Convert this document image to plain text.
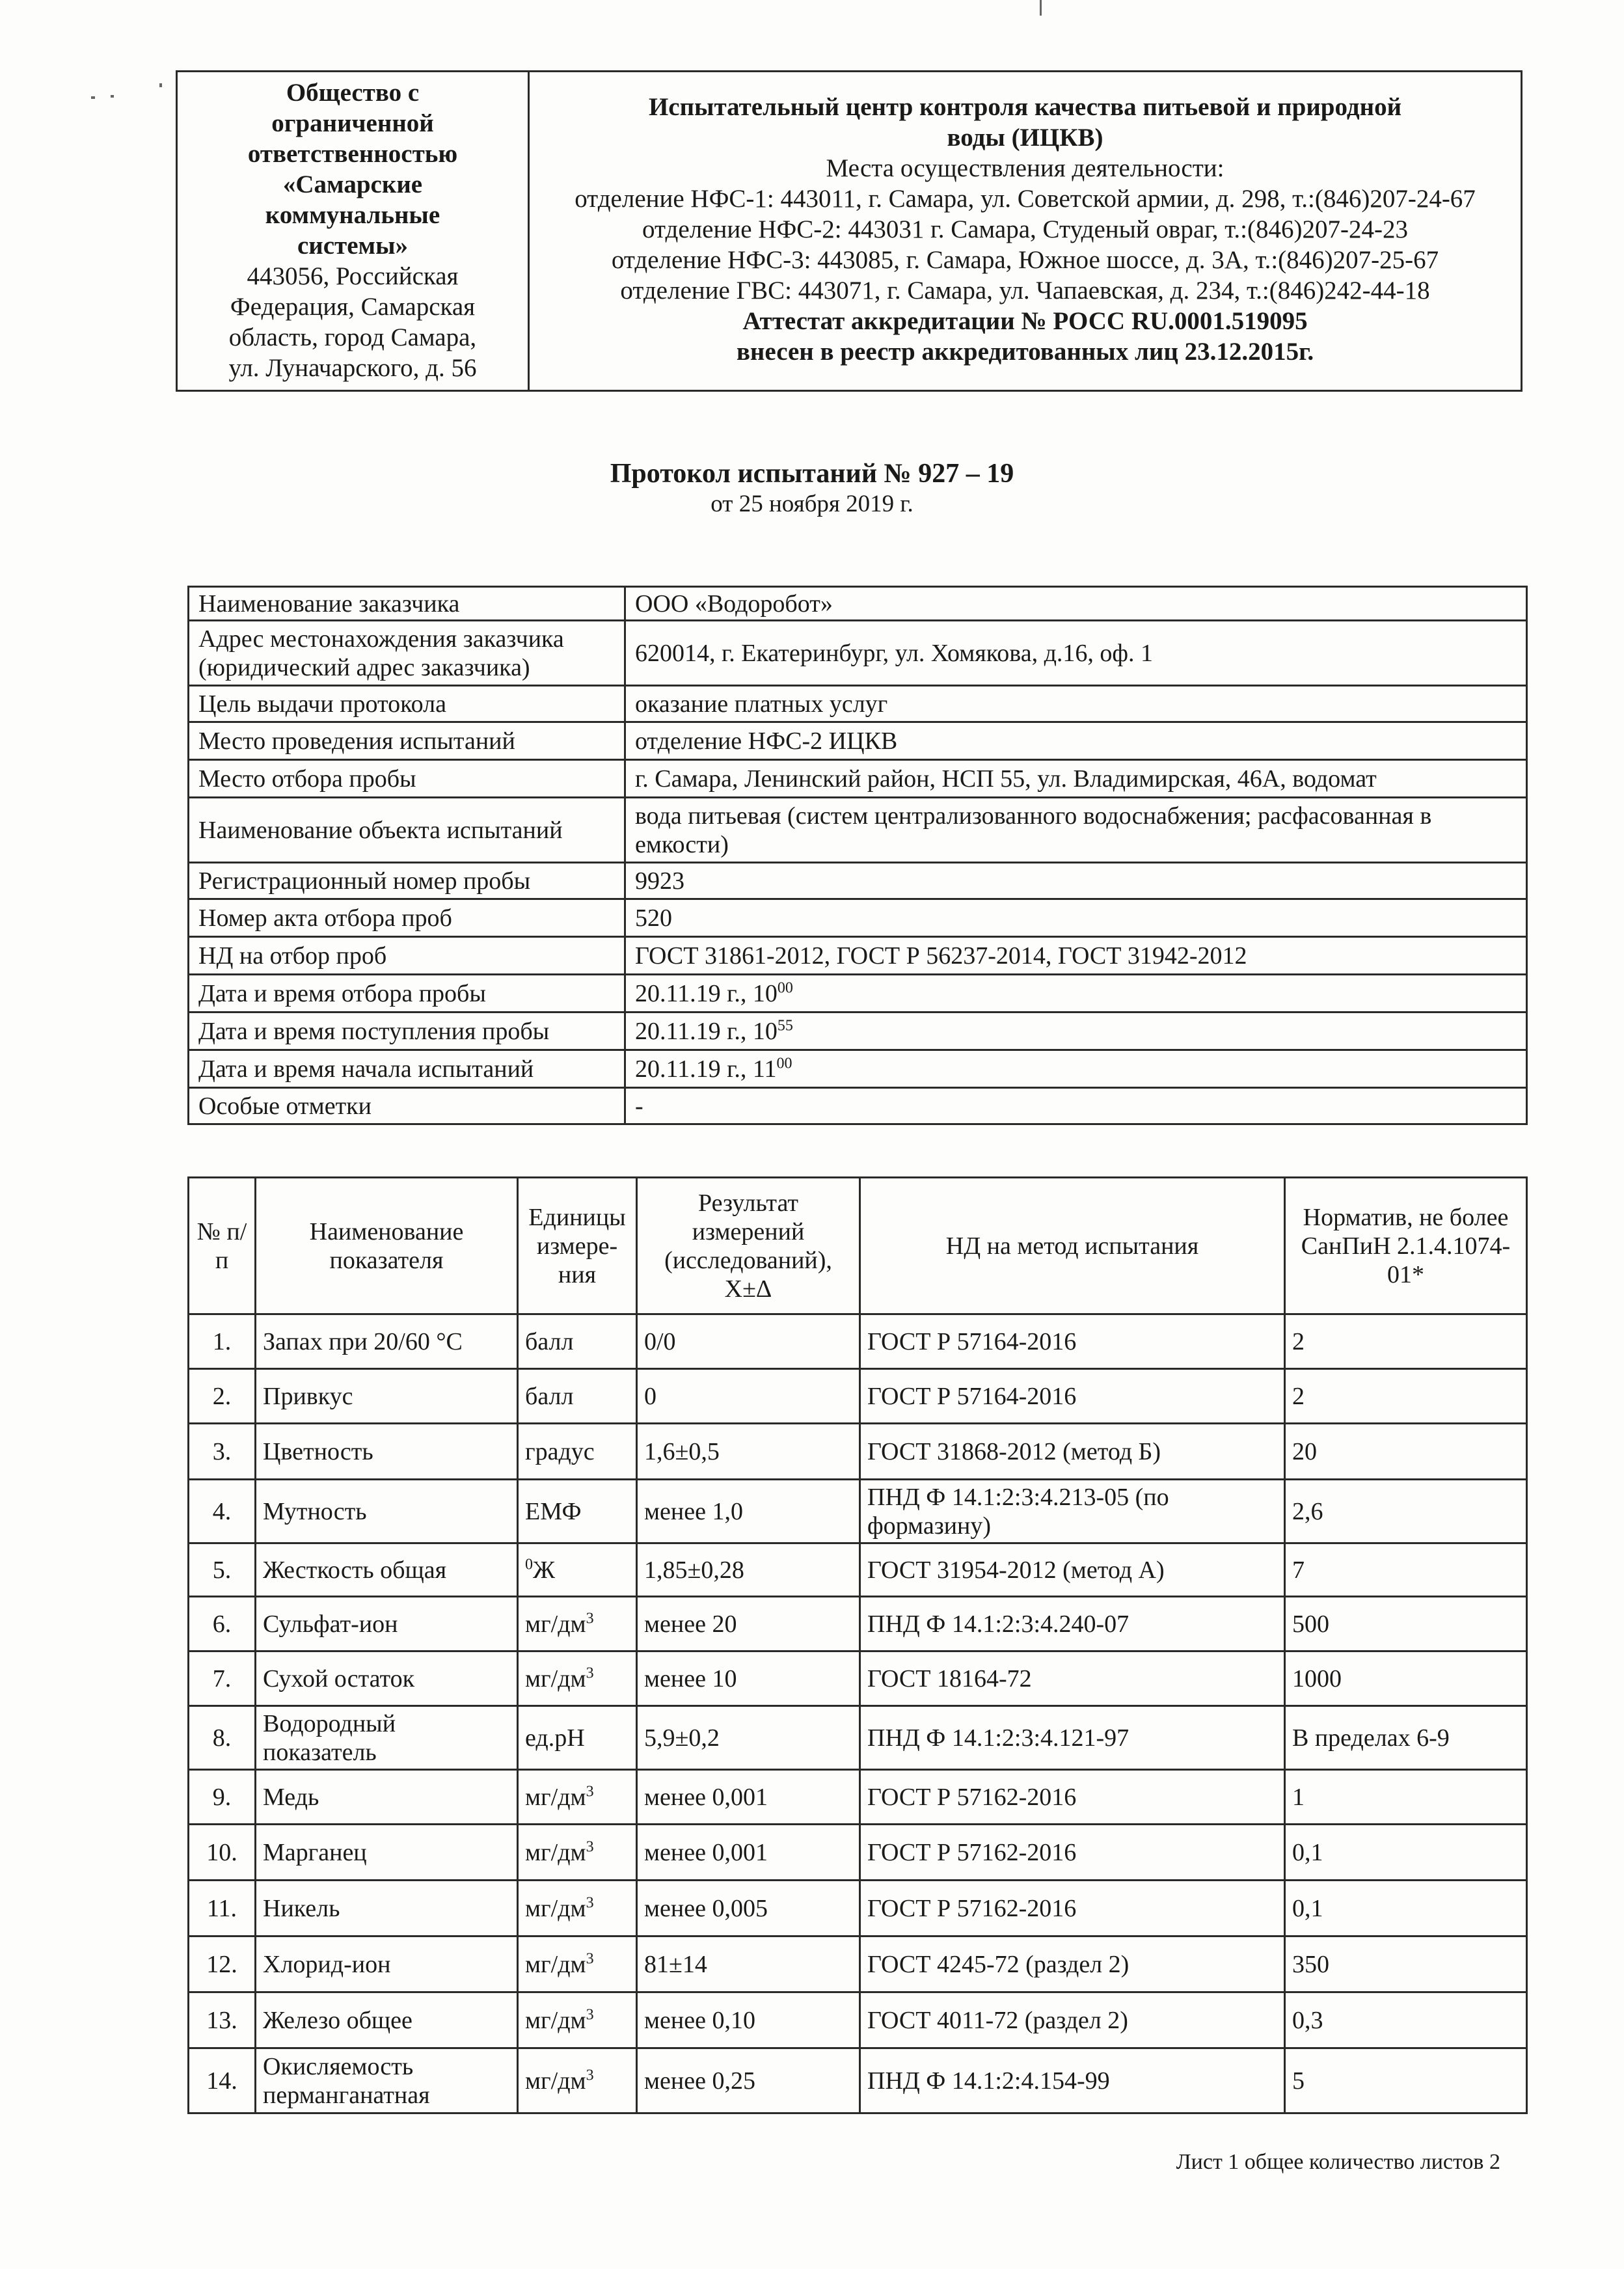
Общество с
ограниченной
ответственностью
«Самарские
коммунальные
системы»
443056, Российская
Федерация, Самарская
область, город Самара,
ул. Луначарского, д. 56

Испытательный центр контроля качества питьевой и природной
воды (ИЦКВ)
Места осуществления деятельности:
отделение НФС-1: 443011, г. Самара, ул. Советской армии, д. 298, т.:(846)207-24-67
отделение НФС-2: 443031 г. Самара, Студеный овраг, т.:(846)207-24-23
отделение НФС-3: 443085, г. Самара, Южное шоссе, д. 3А, т.:(846)207-25-67
отделение ГВС: 443071, г. Самара, ул. Чапаевская, д. 234, т.:(846)242-44-18
Аттестат аккредитации № РОСС RU.0001.519095
внесен в реестр аккредитованных лиц 23.12.2015г.
Протокол испытаний № 927 – 19
от 25 ноября 2019 г.
Наименование заказчика	ООО «Водоробот»
Адрес местонахождения заказчика (юридический адрес заказчика)	620014, г. Екатеринбург, ул. Хомякова, д.16, оф. 1
Цель выдачи протокола	оказание платных услуг
Место проведения испытаний	отделение НФС-2 ИЦКВ
Место отбора пробы	г. Самара, Ленинский район, НСП 55, ул. Владимирская, 46А, водомат
Наименование объекта испытаний	вода питьевая (систем централизованного водоснабжения; расфасованная в емкости)
Регистрационный номер пробы	9923
Номер акта отбора проб	520
НД на отбор проб	ГОСТ 31861-2012, ГОСТ Р 56237-2014, ГОСТ 31942-2012
Дата и время отбора пробы	20.11.19 г., $10^{00}$
Дата и время поступления пробы	20.11.19 г., $10^{55}$
Дата и время начала испытаний	20.11.19 г., $11^{00}$
Особые отметки	-
№ п/п	Наименование показателя	Единицы измере-ния	Результат измерений (исследований), Х±Δ	НД на метод испытания	Норматив, не более СанПиН 2.1.4.1074-01*
1.	Запах при 20/60 °С	балл	0/0	ГОСТ Р 57164-2016	2
2.	Привкус	балл	0	ГОСТ Р 57164-2016	2
3.	Цветность	градус	1,6±0,5	ГОСТ 31868-2012 (метод Б)	20
4.	Мутность	ЕМФ	менее 1,0	ПНД Ф 14.1:2:3:4.213-05 (по формазину)	2,6
5.	Жесткость общая	$^0$Ж	1,85±0,28	ГОСТ 31954-2012 (метод А)	7
6.	Сульфат-ион	$мг/дм^3$	менее 20	ПНД Ф 14.1:2:3:4.240-07	500
7.	Сухой остаток	$мг/дм^3$	менее 10	ГОСТ 18164-72	1000
8.	Водородный показатель	ед.pH	5,9±0,2	ПНД Ф 14.1:2:3:4.121-97	В пределах 6-9
9.	Медь	$мг/дм^3$	менее 0,001	ГОСТ Р 57162-2016	1
10.	Марганец	$мг/дм^3$	менее 0,001	ГОСТ Р 57162-2016	0,1
11.	Никель	$мг/дм^3$	менее 0,005	ГОСТ Р 57162-2016	0,1
12.	Хлорид-ион	$мг/дм^3$	81±14	ГОСТ 4245-72 (раздел 2)	350
13.	Железо общее	$мг/дм^3$	менее 0,10	ГОСТ 4011-72 (раздел 2)	0,3
14.	Окисляемость перманганатная	$мг/дм^3$	менее 0,25	ПНД Ф 14.1:2:4.154-99	5
Лист 1 общее количество листов 2
